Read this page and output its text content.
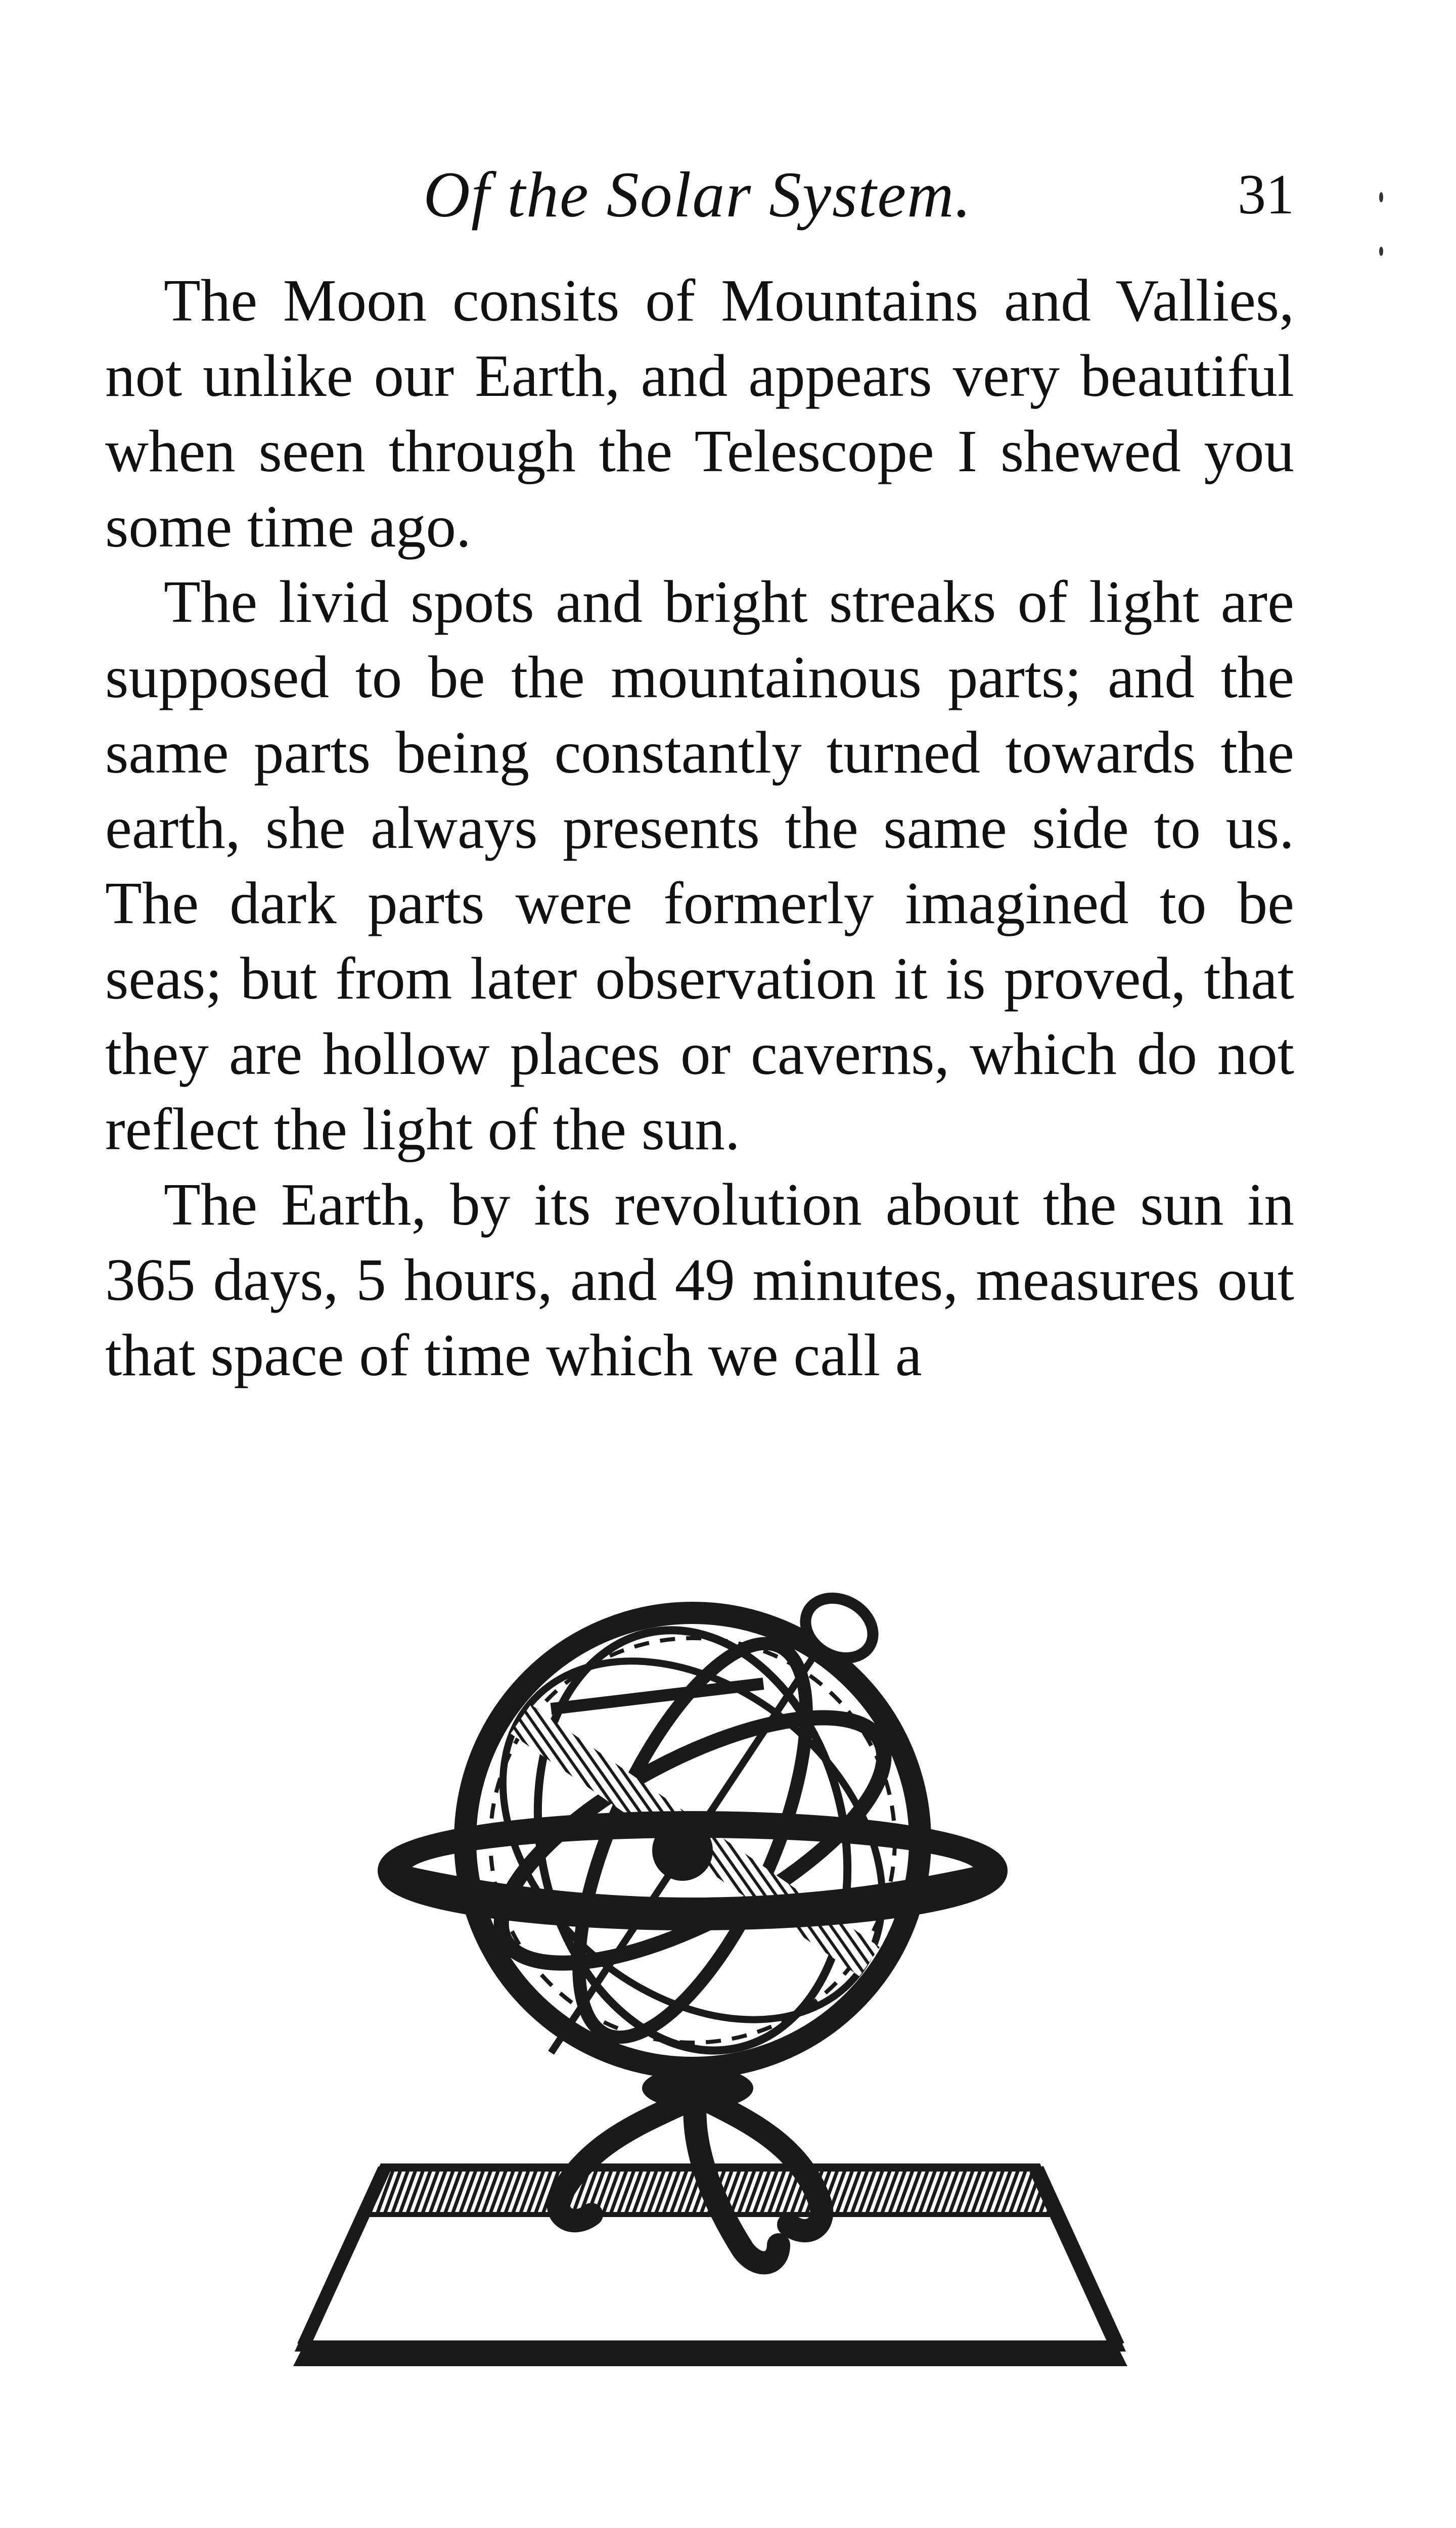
Of the Solar System.	31

The Moon consits of Mountains and Vallies, not unlike our Earth, and appears very beautiful when seen through the Telescope I shewed you some time ago.

The livid spots and bright streaks of light are supposed to be the mountainous parts; and the same parts being constantly turned towards the earth, she always presents the same side to us. The dark parts were formerly imagined to be seas; but from later observation it is proved, that they are hollow places or caverns, which do not reflect the light of the sun.

The Earth, by its revolution about the sun in 365 days, 5 hours, and 49 minutes, measures out that space of time which we call a
